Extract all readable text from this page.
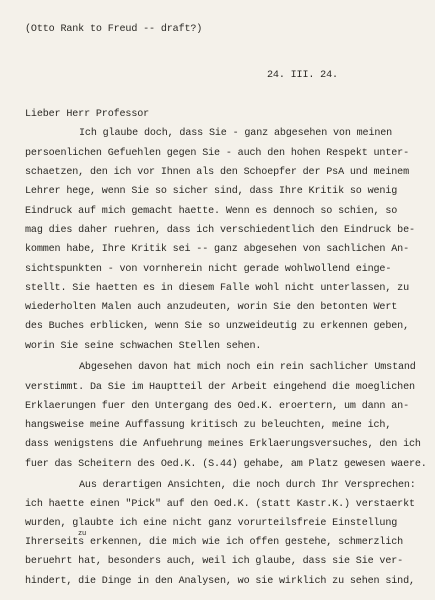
(Otto Rank to Freud -- draft?)
24. III. 24.
Lieber Herr Professor
Ich glaube doch, dass Sie - ganz abgesehen von meinen
persoenlichen Gefuehlen gegen Sie - auch den hohen Respekt unter-
schaetzen, den ich vor Ihnen als den Schoepfer der PsA und meinem
Lehrer hege, wenn Sie so sicher sind, dass Ihre Kritik so wenig
Eindruck auf mich gemacht haette. Wenn es dennoch so schien, so
mag dies daher ruehren, dass ich verschiedentlich den Eindruck be-
kommen habe, Ihre Kritik sei -- ganz abgesehen von sachlichen An-
sichtspunkten - von vornherein nicht gerade wohlwollend einge-
stellt. Sie haetten es in diesem Falle wohl nicht unterlassen, zu
wiederholten Malen auch anzudeuten, worin Sie den betonten Wert
des Buches erblicken, wenn Sie so unzweideutig zu erkennen geben,
worin Sie seine schwachen Stellen sehen.
Abgesehen davon hat mich noch ein rein sachlicher Umstand
verstimmt. Da Sie im Hauptteil der Arbeit eingehend die moeglichen
Erklaerungen fuer den Untergang des Oed.K. eroertern, um dann an-
hangsweise meine Auffassung kritisch zu beleuchten, meine ich,
dass wenigstens die Anfuehrung meines Erklaerungsversuches, den ich
fuer das Scheitern des Oed.K. (S.44) gehabe, am Platz gewesen waere.
Aus derartigen Ansichten, die noch durch Ihr Versprechen:
ich haette einen "Pick" auf den Oed.K. (statt Kastr.K.) verstaerkt
wurden, glaubte ich eine nicht ganz vorurteilsfreie Einstellung
zu
Ihrerseits erkennen, die mich wie ich offen gestehe, schmerzlich
beruehrt hat, besonders auch, weil ich glaube, dass sie Sie ver-
hindert, die Dinge in den Analysen, wo sie wirklich zu sehen sind,
